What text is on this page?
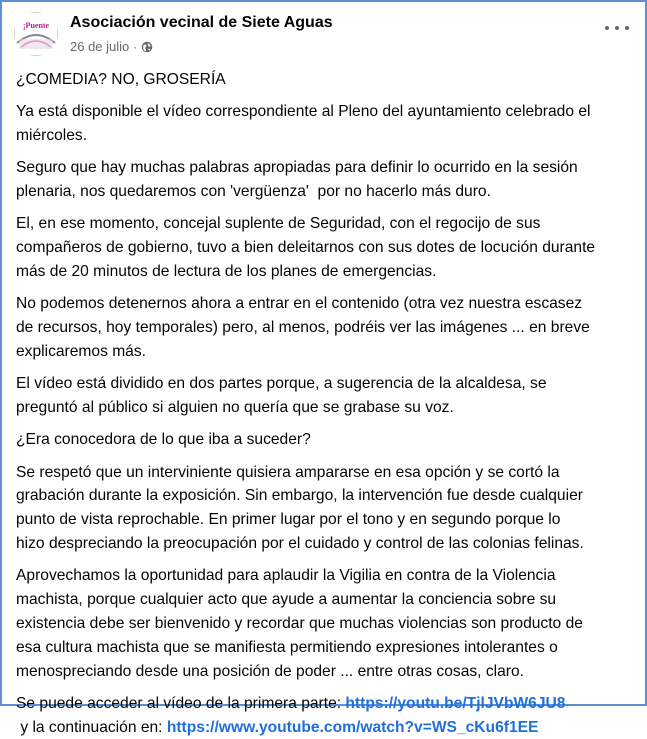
¡Puente Asociación vecinal de Siete Aguas
26 de julio ·

¿COMEDIA? NO, GROSERÍA

Ya está disponible el vídeo correspondiente al Pleno del ayuntamiento celebrado el
miércoles.

Seguro que hay muchas palabras apropiadas para definir lo ocurrido en la sesión
plenaria, nos quedaremos con 'vergüenza'  por no hacerlo más duro.

El, en ese momento, concejal suplente de Seguridad, con el regocijo de sus
compañeros de gobierno, tuvo a bien deleitarnos con sus dotes de locución durante
más de 20 minutos de lectura de los planes de emergencias.

No podemos detenernos ahora a entrar en el contenido (otra vez nuestra escasez
de recursos, hoy temporales) pero, al menos, podréis ver las imágenes ... en breve
explicaremos más.

El vídeo está dividido en dos partes porque, a sugerencia de la alcaldesa, se
preguntó al público si alguien no quería que se grabase su voz.

¿Era conocedora de lo que iba a suceder?

Se respetó que un interviniente quisiera ampararse en esa opción y se cortó la
grabación durante la exposición. Sin embargo, la intervención fue desde cualquier
punto de vista reprochable. En primer lugar por el tono y en segundo porque lo
hizo despreciando la preocupación por el cuidado y control de las colonias felinas.

Aprovechamos la oportunidad para aplaudir la Vigilia en contra de la Violencia
machista, porque cualquier acto que ayude a aumentar la conciencia sobre su
existencia debe ser bienvenido y recordar que muchas violencias son producto de
esa cultura machista que se manifiesta permitiendo expresiones intolerantes o
menospreciando desde una posición de poder ... entre otras cosas, claro.

Se puede acceder al vídeo de la primera parte: https://youtu.be/TjlJVbW6JU8
y la continuación en: https://www.youtube.com/watch?v=WS_cKu6f1EE
